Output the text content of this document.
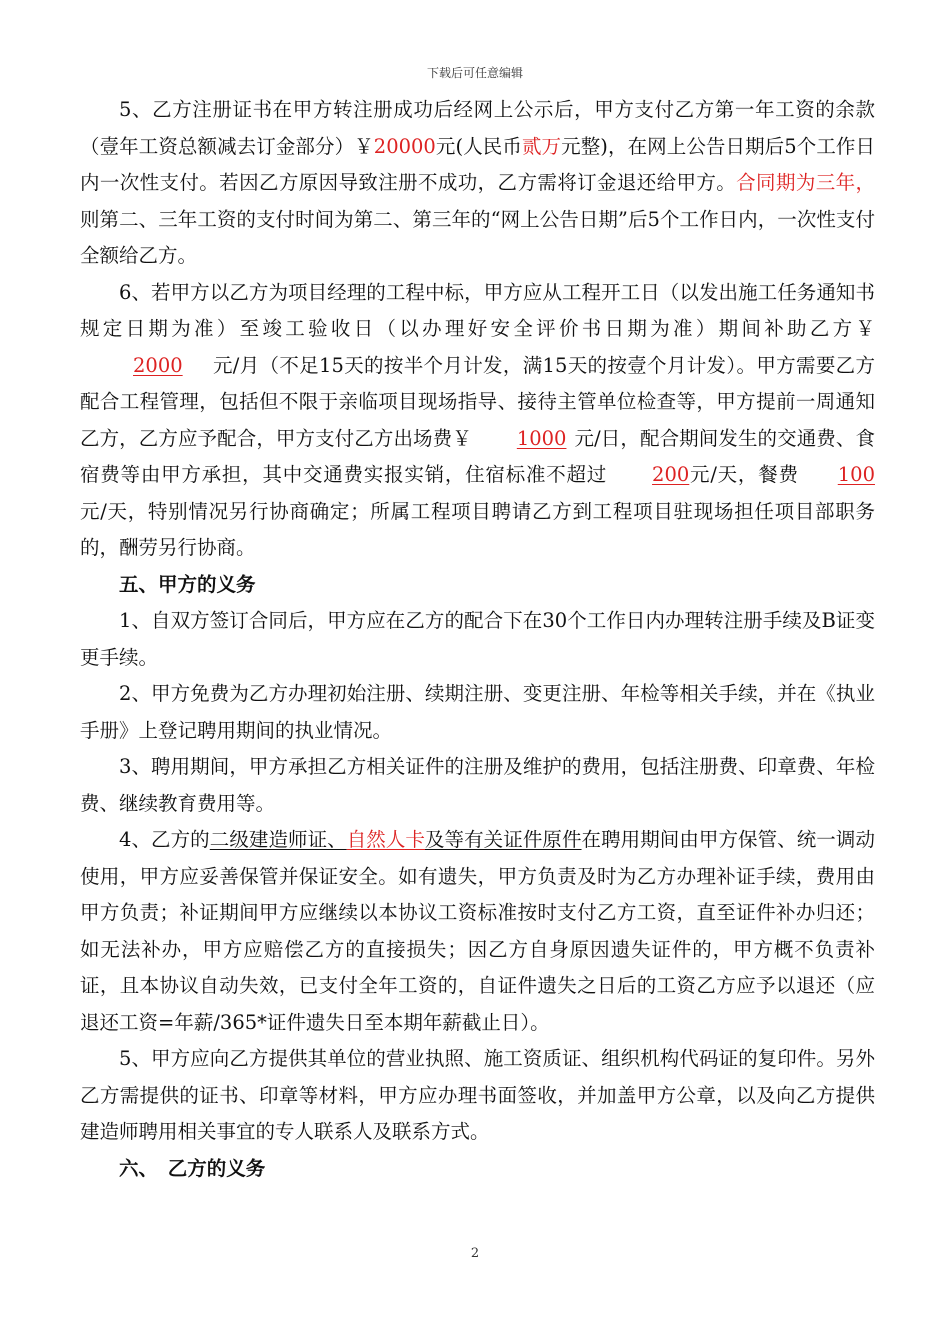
下载后可任意编辑

5、乙方注册证书在甲方转注册成功后经网上公示后，甲方支付乙方第一年工资的余款（壹年工资总额减去订金部分）￥20000元(人民币贰万元整)，在网上公告日期后5个工作日内一次性支付。若因乙方原因导致注册不成功，乙方需将订金退还给甲方。合同期为三年，则第二、三年工资的支付时间为第二、第三年的“网上公告日期”后5个工作日内，一次性支付全额给乙方。

6、若甲方以乙方为项目经理的工程中标，甲方应从工程开工日（以发出施工任务通知书规定日期为准）至竣工验收日（以办理好安全评价书日期为准）期间补助乙方￥2000 元/月（不足15天的按半个月计发，满15天的按壹个月计发）。甲方需要乙方配合工程管理，包括但不限于亲临项目现场指导、接待主管单位检查等，甲方提前一周通知乙方，乙方应予配合，甲方支付乙方出场费￥ 1000 元/日，配合期间发生的交通费、食宿费等由甲方承担，其中交通费实报实销，住宿标准不超过 200元/天，餐费 100元/天，特别情况另行协商确定；所属工程项目聘请乙方到工程项目驻现场担任项目部职务的，酬劳另行协商。

五、甲方的义务

1、自双方签订合同后，甲方应在乙方的配合下在30个工作日内办理转注册手续及B证变更手续。

2、甲方免费为乙方办理初始注册、续期注册、变更注册、年检等相关手续，并在《执业手册》上登记聘用期间的执业情况。

3、聘用期间，甲方承担乙方相关证件的注册及维护的费用，包括注册费、印章费、年检费、继续教育费用等。

4、乙方的二级建造师证、自然人卡及等有关证件原件在聘用期间由甲方保管、统一调动使用，甲方应妥善保管并保证安全。如有遗失，甲方负责及时为乙方办理补证手续，费用由甲方负责；补证期间甲方应继续以本协议工资标准按时支付乙方工资，直至证件补办归还；如无法补办，甲方应赔偿乙方的直接损失；因乙方自身原因遗失证件的，甲方概不负责补证，且本协议自动失效，已支付全年工资的，自证件遗失之日后的工资乙方应予以退还（应退还工资=年薪/365*证件遗失日至本期年薪截止日）。

5、甲方应向乙方提供其单位的营业执照、施工资质证、组织机构代码证的复印件。另外乙方需提供的证书、印章等材料，甲方应办理书面签收，并加盖甲方公章，以及向乙方提供建造师聘用相关事宜的专人联系人及联系方式。

六、　乙方的义务

2
